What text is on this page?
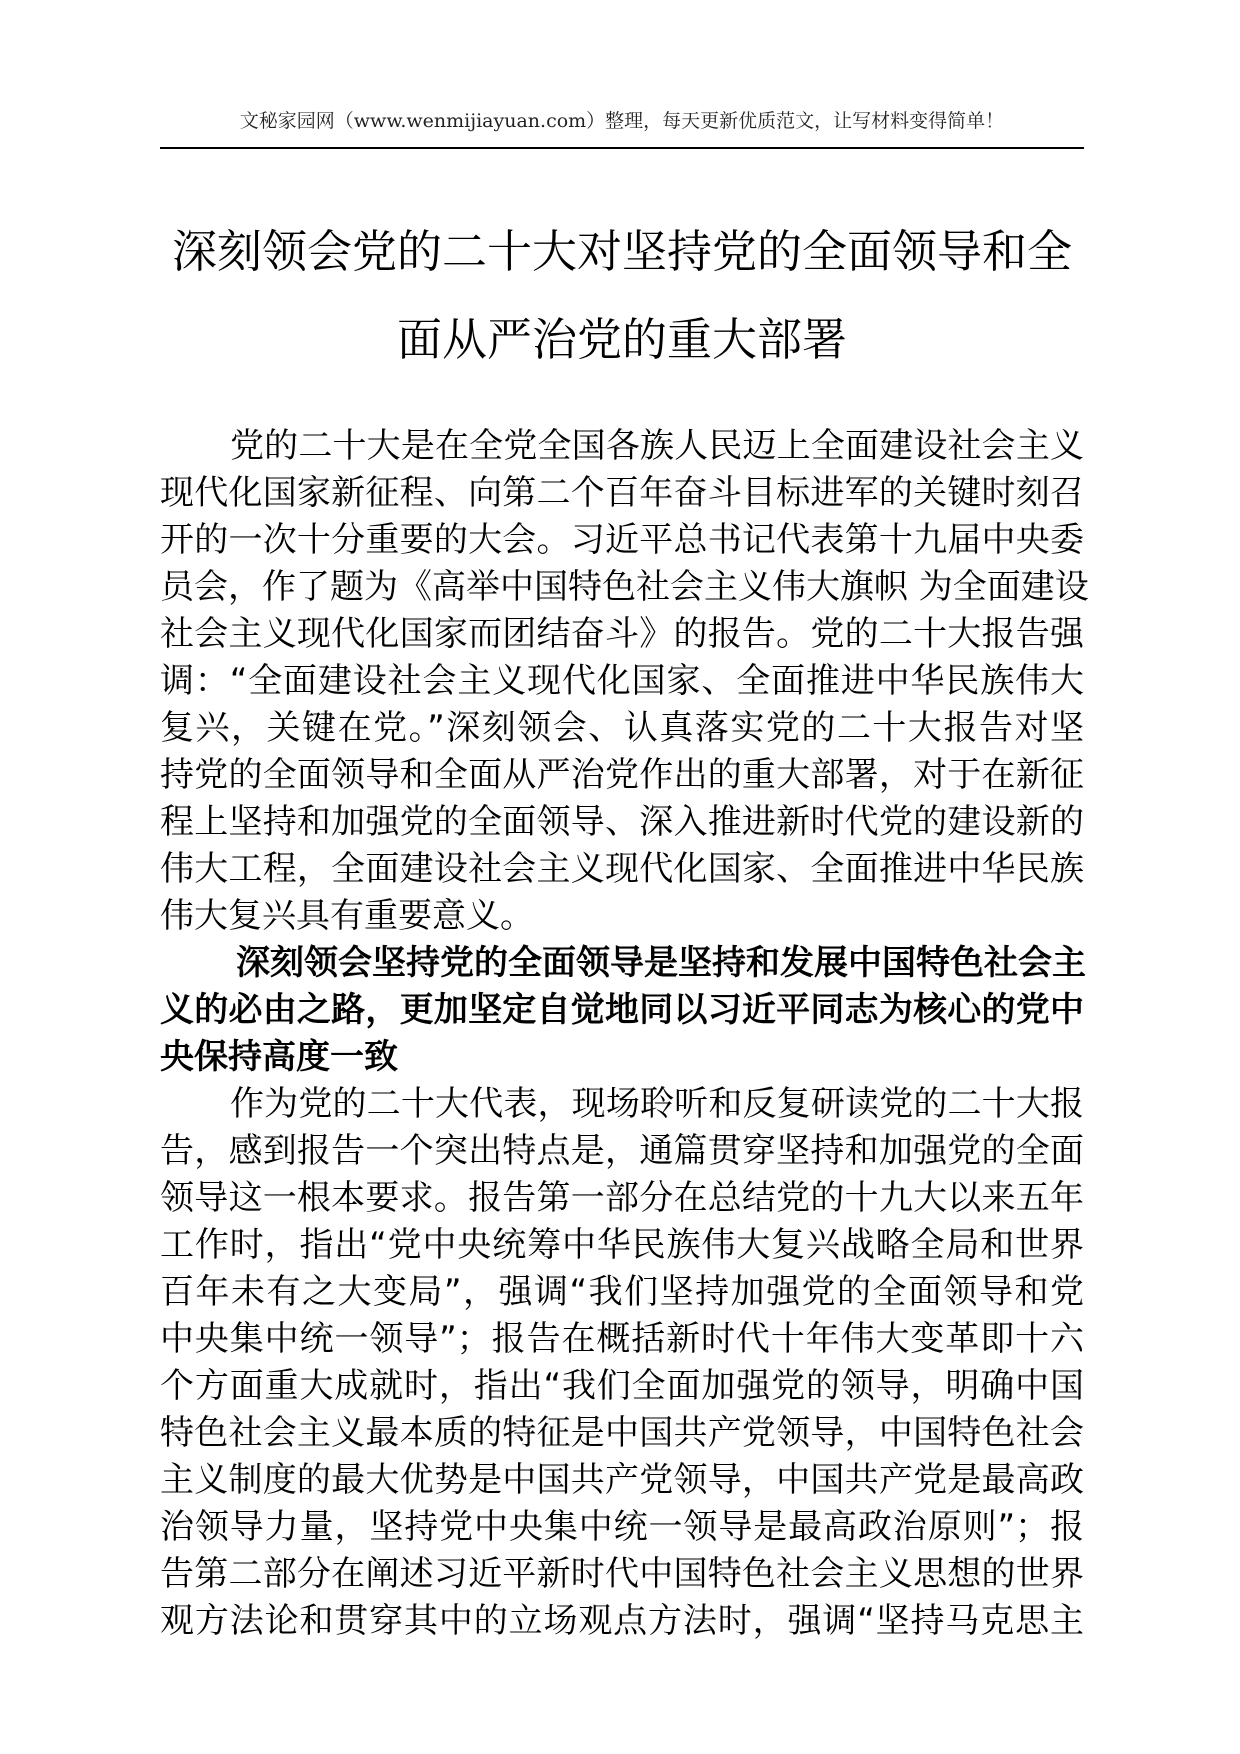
文秘家园网（www.wenmijiayuan.com）整理，每天更新优质范文，让写材料变得简单！
深刻领会党的二十大对坚持党的全面领导和全
面从严治党的重大部署
党的二十大是在全党全国各族人民迈上全面建设社会主义
现代化国家新征程、向第二个百年奋斗目标进军的关键时刻召
开的一次十分重要的大会。习近平总书记代表第十九届中央委
员会，作了题为《高举中国特色社会主义伟大旗帜 为全面建设
社会主义现代化国家而团结奋斗》的报告。党的二十大报告强
调：“全面建设社会主义现代化国家、全面推进中华民族伟大
复兴，关键在党。”深刻领会、认真落实党的二十大报告对坚
持党的全面领导和全面从严治党作出的重大部署，对于在新征
程上坚持和加强党的全面领导、深入推进新时代党的建设新的
伟大工程，全面建设社会主义现代化国家、全面推进中华民族
伟大复兴具有重要意义。
深刻领会坚持党的全面领导是坚持和发展中国特色社会主
义的必由之路，更加坚定自觉地同以习近平同志为核心的党中
央保持高度一致
作为党的二十大代表，现场聆听和反复研读党的二十大报
告，感到报告一个突出特点是，通篇贯穿坚持和加强党的全面
领导这一根本要求。报告第一部分在总结党的十九大以来五年
工作时，指出“党中央统筹中华民族伟大复兴战略全局和世界
百年未有之大变局”，强调“我们坚持加强党的全面领导和党
中央集中统一领导”；报告在概括新时代十年伟大变革即十六
个方面重大成就时，指出“我们全面加强党的领导，明确中国
特色社会主义最本质的特征是中国共产党领导，中国特色社会
主义制度的最大优势是中国共产党领导，中国共产党是最高政
治领导力量，坚持党中央集中统一领导是最高政治原则”；报
告第二部分在阐述习近平新时代中国特色社会主义思想的世界
观方法论和贯穿其中的立场观点方法时，强调“坚持马克思主
